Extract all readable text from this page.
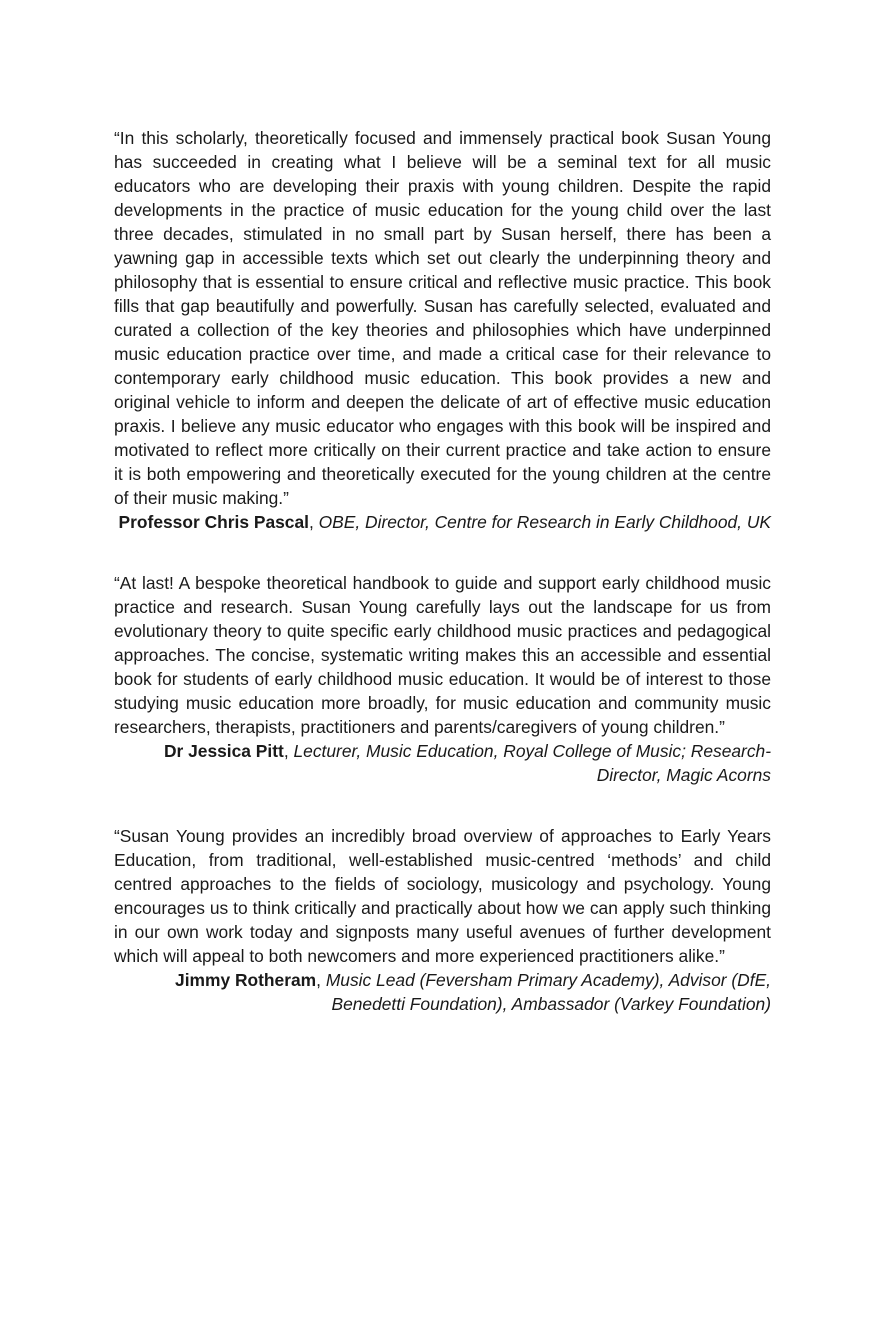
“In this scholarly, theoretically focused and immensely practical book Susan Young has succeeded in creating what I believe will be a seminal text for all music educators who are developing their praxis with young children. Despite the rapid developments in the practice of music education for the young child over the last three decades, stimulated in no small part by Susan herself, there has been a yawning gap in accessible texts which set out clearly the underpinning theory and philosophy that is essential to ensure critical and reflective music practice. This book fills that gap beautifully and powerfully. Susan has carefully selected, evaluated and curated a collection of the key theories and philosophies which have underpinned music education practice over time, and made a critical case for their relevance to contemporary early childhood music education. This book provides a new and original vehicle to inform and deepen the delicate of art of effective music education praxis. I believe any music educator who engages with this book will be inspired and motivated to reflect more critically on their current practice and take action to ensure it is both empowering and theoretically executed for the young children at the centre of their music making.”

Professor Chris Pascal, OBE, Director, Centre for Research in Early Childhood, UK

“At last! A bespoke theoretical handbook to guide and support early childhood music practice and research. Susan Young carefully lays out the landscape for us from evolutionary theory to quite specific early childhood music practices and pedagogical approaches. The concise, systematic writing makes this an accessible and essential book for students of early childhood music education. It would be of interest to those studying music education more broadly, for music education and community music researchers, therapists, practitioners and parents/caregivers of young children.”

Dr Jessica Pitt, Lecturer, Music Education, Royal College of Music; Research-Director, Magic Acorns

“Susan Young provides an incredibly broad overview of approaches to Early Years Education, from traditional, well-established music-centred ‘methods’ and child centred approaches to the fields of sociology, musicology and psychology. Young encourages us to think critically and practically about how we can apply such thinking in our own work today and signposts many useful avenues of further development which will appeal to both newcomers and more experienced practitioners alike.”

Jimmy Rotheram, Music Lead (Feversham Primary Academy), Advisor (DfE, Benedetti Foundation), Ambassador (Varkey Foundation)
